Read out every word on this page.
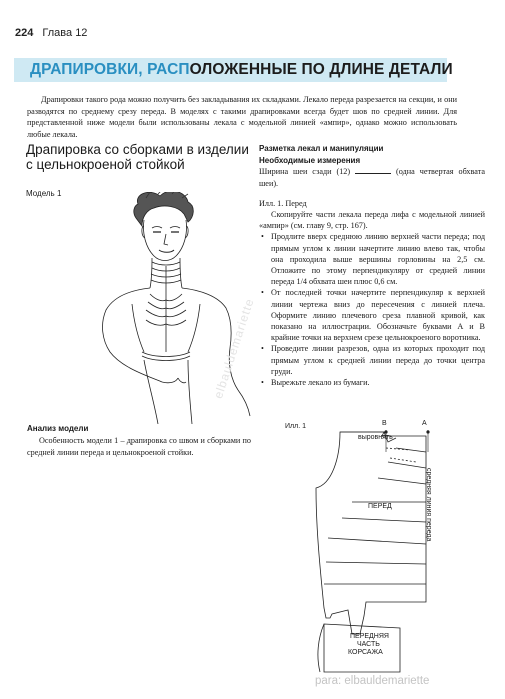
224 Глава 12
ДРАПИРОВКИ, РАСПОЛОЖЕННЫЕ ПО ДЛИНЕ ДЕТАЛИ

Драпировки такого рода можно получить без закладывания их складками. Лекало переда разрезается на секции, и они разводятся по среднему срезу переда. В моделях с такими драпировками всегда будет шов по средней линии. Для представленной ниже модели были использованы лекала с модельной линией «ампир», однако можно использовать любые лекала.

Драпировка со сборками в изделии с цельнокроеной стойкой
Модель 1
Разметка лекал и манипуляции
Необходимые измерения

Ширина шеи сзади (12)	(одна четвертая обхвата шеи).

Илл. 1. Перед

Скопируйте части лекала переда лифа с модельной линией «ампир» (см. главу 9, стр. 167).

• Продлите вверх среднюю линию верхней части переда; под прямым углом к линии начертите линию влево так, чтобы она проходила выше вершины горловины на 2,5 см. Отложите по этому перпендикуляру от средней линии переда 1/4 обхвата шеи плюс 0,6 см.
• От последней точки начертите перпендикуляр к верхней линии чертежа вниз до пересечения с линией плеча. Оформите линию плечевого среза плавной кривой, как показано на иллюстрации. Обозначьте буквами А и В крайние точки на верхнем срезе цельнокроеного воротника.
• Проведите линии разрезов, одна из которых проходит под прямым углом к средней линии переда до точки центра груди.
• Вырежьте лекало из бумаги.
Анализ модели
Особенность модели 1 – драпировка со швом и сборками по средней линии переда и цельнокроеной стойки.
Илл. 1
выровнять
B	A
ПЕРЕД	средняя линия переда
ПЕРЕДНЯЯ
ЧАСТЬ
КОРСАЖА
elbauldemariette
para: elbauldemariette
